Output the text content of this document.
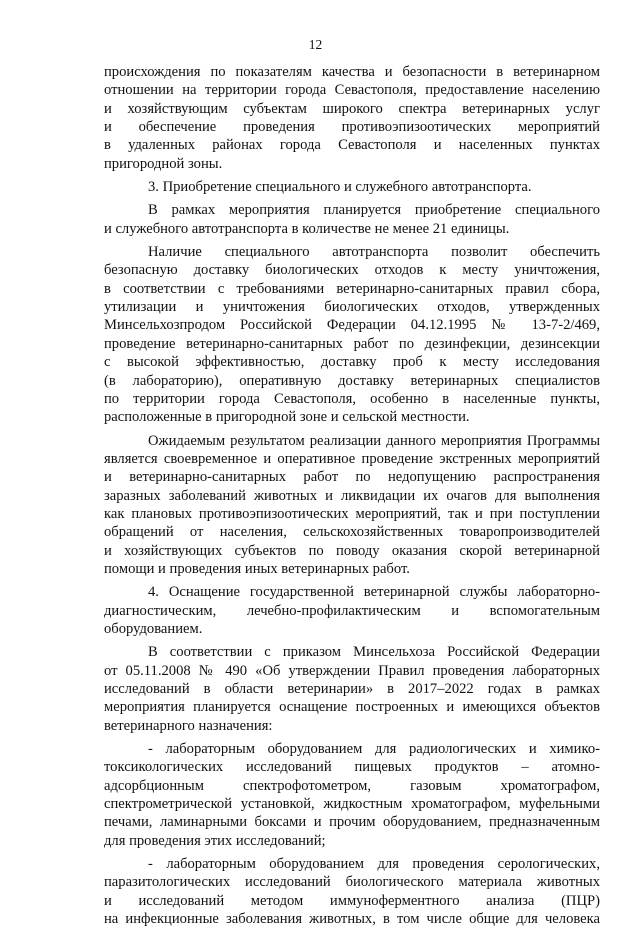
12
происхождения по показателям качества и безопасности в ветеринарном
отношении на территории города Севастополя, предоставление населению
и хозяйствующим субъектам широкого спектра ветеринарных услуг
и обеспечение проведения противоэпизоотических мероприятий
в удаленных районах города Севастополя и населенных пунктах
пригородной зоны.
3. Приобретение специального и служебного автотранспорта.
В рамках мероприятия планируется приобретение специального
и служебного автотранспорта в количестве не менее 21 единицы.
Наличие специального автотранспорта позволит обеспечить
безопасную доставку биологических отходов к месту уничтожения,
в соответствии с требованиями ветеринарно-санитарных правил сбора,
утилизации и уничтожения биологических отходов, утвержденных
Минсельхозпродом Российской Федерации 04.12.1995 № 13-7-2/469,
проведение ветеринарно-санитарных работ по дезинфекции, дезинсекции
с высокой эффективностью, доставку проб к месту исследования
(в лабораторию), оперативную доставку ветеринарных специалистов
по территории города Севастополя, особенно в населенные пункты,
расположенные в пригородной зоне и сельской местности.
Ожидаемым результатом реализации данного мероприятия Программы
является своевременное и оперативное проведение экстренных мероприятий
и ветеринарно-санитарных работ по недопущению распространения
заразных заболеваний животных и ликвидации их очагов для выполнения
как плановых противоэпизоотических мероприятий, так и при поступлении
обращений от населения, сельскохозяйственных товаропроизводителей
и хозяйствующих субъектов по поводу оказания скорой ветеринарной
помощи и проведения иных ветеринарных работ.
4. Оснащение государственной ветеринарной службы лабораторно-
диагностическим, лечебно-профилактическим и вспомогательным
оборудованием.
В соответствии с приказом Минсельхоза Российской Федерации
от 05.11.2008 № 490 «Об утверждении Правил проведения лабораторных
исследований в области ветеринарии» в 2017–2022 годах в рамках
мероприятия планируется оснащение построенных и имеющихся объектов
ветеринарного назначения:
- лабораторным оборудованием для радиологических и химико-
токсикологических исследований пищевых продуктов – атомно-
адсорбционным спектрофотометром, газовым хроматографом,
спектрометрической установкой, жидкостным хроматографом, муфельными
печами, ламинарными боксами и прочим оборудованием, предназначенным
для проведения этих исследований;
- лабораторным оборудованием для проведения серологических,
паразитологических исследований биологического материала животных
и исследований методом иммуноферментного анализа (ПЦР)
на инфекционные заболевания животных, в том числе общие для человека
